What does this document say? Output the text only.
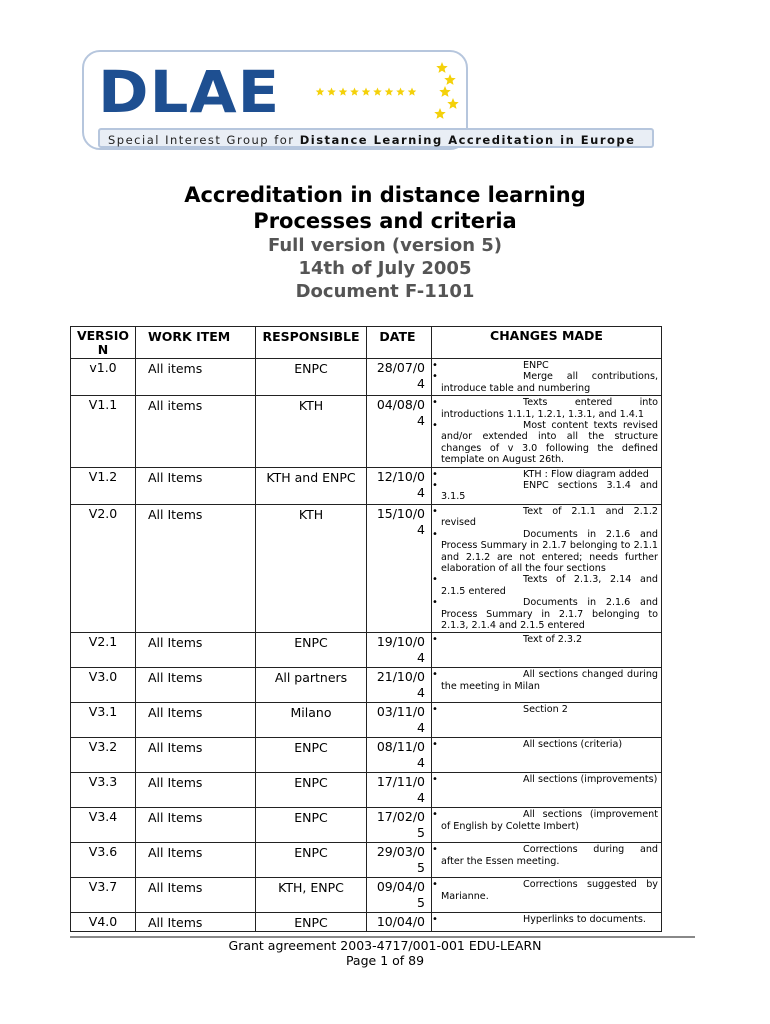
DLAE
Special Interest Group for Distance Learning Accreditation in Europe
Accreditation in distance learning
Processes and criteria
Full version (version 5)
14th of July 2005
Document F-1101
VERSIO
N	WORK ITEM	RESPONSIBLE	DATE	CHANGES MADE
v1.0	All items	ENPC	28/07/04	• ENPC
• Merge all contributions, introduce table and numbering

V1.1	All items	KTH	04/08/04	• Texts entered into introductions 1.1.1, 1.2.1, 1.3.1, and 1.4.1
• Most content texts revised and/or extended into all the structure changes of v 3.0 following the defined template on August 26th.

V1.2	All Items	KTH and ENPC	12/10/04	• KTH : Flow diagram added
• ENPC sections 3.1.4 and 3.1.5

V2.0	All Items	KTH	15/10/04	• Text of 2.1.1 and 2.1.2 revised
• Documents in 2.1.6 and Process Summary in 2.1.7 belonging to 2.1.1 and 2.1.2 are not entered; needs further elaboration of all the four sections
• Texts of 2.1.3, 2.14 and 2.1.5 entered
• Documents in 2.1.6 and Process Summary in 2.1.7 belonging to 2.1.3, 2.1.4 and 2.1.5 entered

V2.1	All Items	ENPC	19/10/04	• Text of 2.3.2

V3.0	All Items	All partners	21/10/04	• All sections changed during the meeting in Milan

V3.1	All Items	Milano	03/11/04	• Section 2

V3.2	All Items	ENPC	08/11/04	• All sections (criteria)

V3.3	All Items	ENPC	17/11/04	• All sections (improvements)

V3.4	All Items	ENPC	17/02/05	• All sections (improvement of English by Colette Imbert)

V3.6	All Items	ENPC	29/03/05	• Corrections during and after the Essen meeting.

V3.7	All Items	KTH, ENPC	09/04/05	• Corrections suggested by Marianne.

V4.0	All Items	ENPC	10/04/0	• Hyperlinks to documents.
Grant agreement 2003-4717/001-001 EDU-LEARN
Page 1 of 89
